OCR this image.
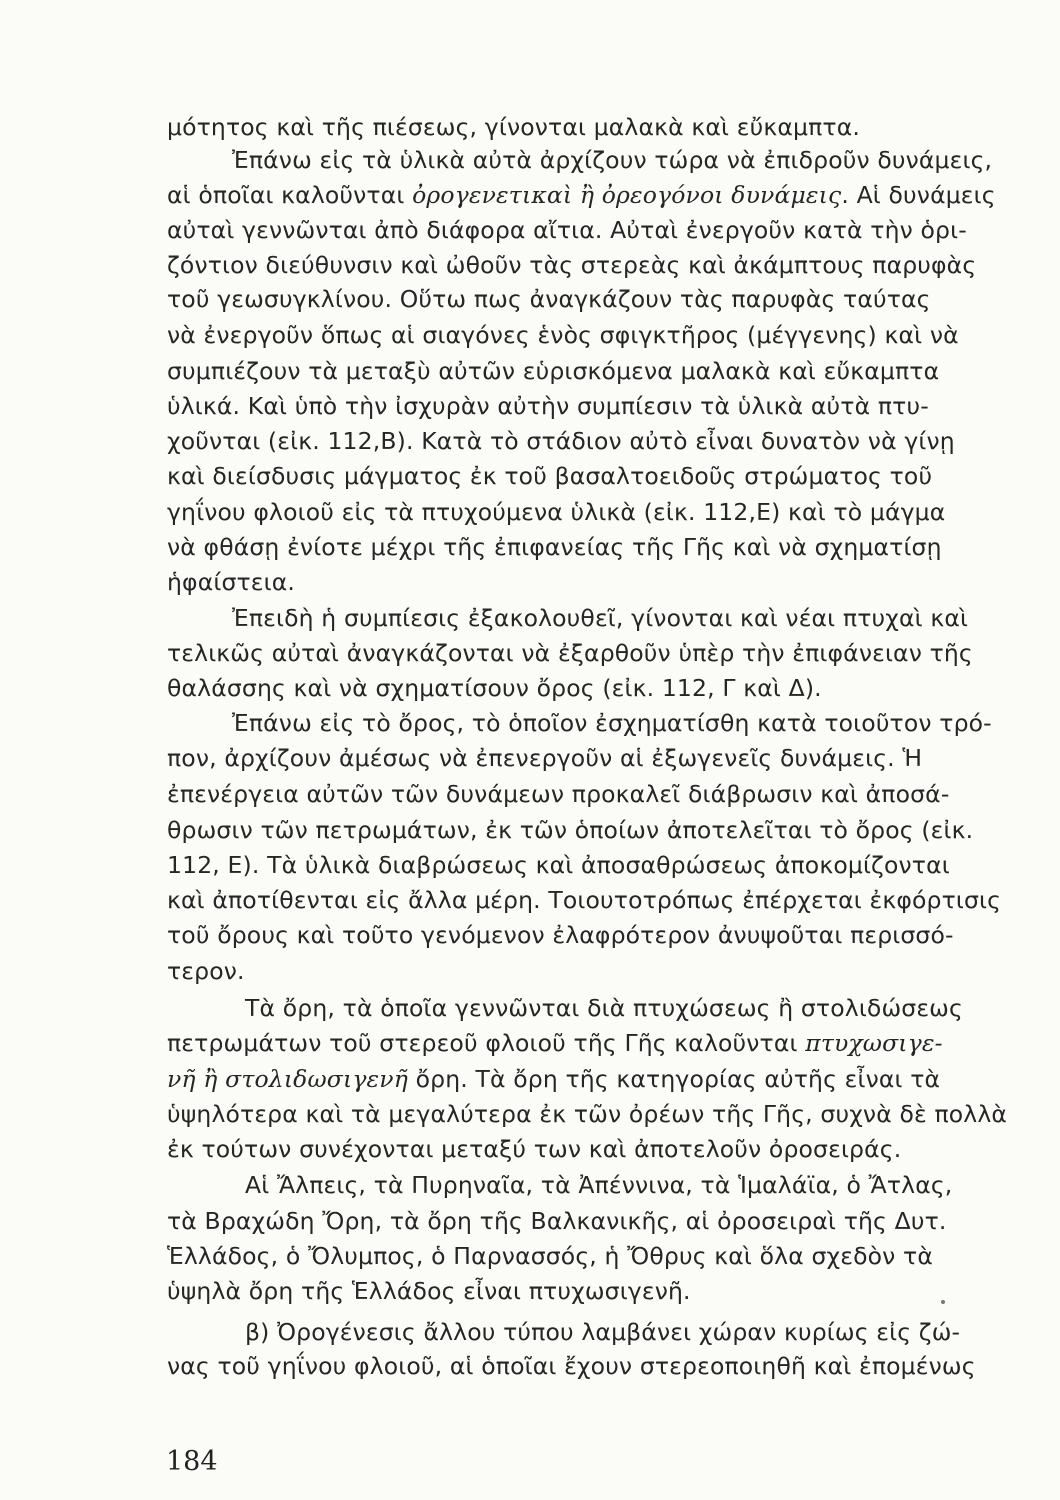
μότητος καὶ τῆς πιέσεως, γίνονται μαλακὰ καὶ εὔκαμπτα.
Ἐπάνω εἰς τὰ ὑλικὰ αὐτὰ ἀρχίζουν τώρα νὰ ἐπιδροῦν δυνάμεις,
αἱ ὁποῖαι καλοῦνται ὀρογενετικαὶ ἢ ὀρεογόνοι δυνάμεις. Αἱ δυνάμεις
αὐταὶ γεννῶνται ἀπὸ διάφορα αἴτια. Αὐταὶ ἐνεργοῦν κατὰ τὴν ὁρι-
ζόντιον διεύθυνσιν καὶ ὠθοῦν τὰς στερεὰς καὶ ἀκάμπτους παρυφὰς
τοῦ γεωσυγκλίνου. Οὕτω πως ἀναγκάζουν τὰς παρυφὰς ταύτας
νὰ ἐνεργοῦν ὅπως αἱ σιαγόνες ἑνὸς σφιγκτῆρος (μέγγενης) καὶ νὰ
συμπιέζουν τὰ μεταξὺ αὐτῶν εὑρισκόμενα μαλακὰ καὶ εὔκαμπτα
ὑλικά. Καὶ ὑπὸ τὴν ἰσχυρὰν αὐτὴν συμπίεσιν τὰ ὑλικὰ αὐτὰ πτυ-
χοῦνται (εἰκ. 112,Β). Κατὰ τὸ στάδιον αὐτὸ εἶναι δυνατὸν νὰ γίνῃ
καὶ διείσδυσις μάγματος ἐκ τοῦ βασαλτοειδοῦς στρώματος τοῦ
γηΐνου φλοιοῦ εἰς τὰ πτυχούμενα ὑλικὰ (εἰκ. 112,Ε) καὶ τὸ μάγμα
νὰ φθάσῃ ἐνίοτε μέχρι τῆς ἐπιφανείας τῆς Γῆς καὶ νὰ σχηματίσῃ
ἡφαίστεια.
Ἐπειδὴ ἡ συμπίεσις ἐξακολουθεῖ, γίνονται καὶ νέαι πτυχαὶ καὶ
τελικῶς αὐταὶ ἀναγκάζονται νὰ ἐξαρθοῦν ὑπὲρ τὴν ἐπιφάνειαν τῆς
θαλάσσης καὶ νὰ σχηματίσουν ὄρος (εἰκ. 112, Γ καὶ Δ).
Ἐπάνω εἰς τὸ ὄρος, τὸ ὁποῖον ἐσχηματίσθη κατὰ τοιοῦτον τρό-
πον, ἀρχίζουν ἀμέσως νὰ ἐπενεργοῦν αἱ ἐξωγενεῖς δυνάμεις. Ἡ
ἐπενέργεια αὐτῶν τῶν δυνάμεων προκαλεῖ διάβρωσιν καὶ ἀποσά-
θρωσιν τῶν πετρωμάτων, ἐκ τῶν ὁποίων ἀποτελεῖται τὸ ὄρος (εἰκ.
112, Ε). Τὰ ὑλικὰ διαβρώσεως καὶ ἀποσαθρώσεως ἀποκομίζονται
καὶ ἀποτίθενται εἰς ἄλλα μέρη. Τοιουτοτρόπως ἐπέρχεται ἐκφόρτισις
τοῦ ὄρους καὶ τοῦτο γενόμενον ἐλαφρότερον ἀνυψοῦται περισσό-
τερον.
Τὰ ὄρη, τὰ ὁποῖα γεννῶνται διὰ πτυχώσεως ἢ στολιδώσεως
πετρωμάτων τοῦ στερεοῦ φλοιοῦ τῆς Γῆς καλοῦνται πτυχωσιγε-
νῆ ἢ στολιδωσιγενῆ ὄρη. Τὰ ὄρη τῆς κατηγορίας αὐτῆς εἶναι τὰ
ὑψηλότερα καὶ τὰ μεγαλύτερα ἐκ τῶν ὀρέων τῆς Γῆς, συχνὰ δὲ πολλὰ
ἐκ τούτων συνέχονται μεταξύ των καὶ ἀποτελοῦν ὀροσειράς.
Αἱ Ἄλπεις, τὰ Πυρηναῖα, τὰ Ἀπέννινα, τὰ Ἱμαλάϊα, ὁ Ἄτλας,
τὰ Βραχώδη Ὄρη, τὰ ὄρη τῆς Βαλκανικῆς, αἱ ὀροσειραὶ τῆς Δυτ.
Ἑλλάδος, ὁ Ὄλυμπος, ὁ Παρνασσός, ἡ Ὄθρυς καὶ ὅλα σχεδὸν τὰ
ὑψηλὰ ὄρη τῆς Ἑλλάδος εἶναι πτυχωσιγενῆ.
β) Ὀρογένεσις ἄλλου τύπου λαμβάνει χώραν κυρίως εἰς ζώ-
νας τοῦ γηΐνου φλοιοῦ, αἱ ὁποῖαι ἔχουν στερεοποιηθῆ καὶ ἐπομένως
184
